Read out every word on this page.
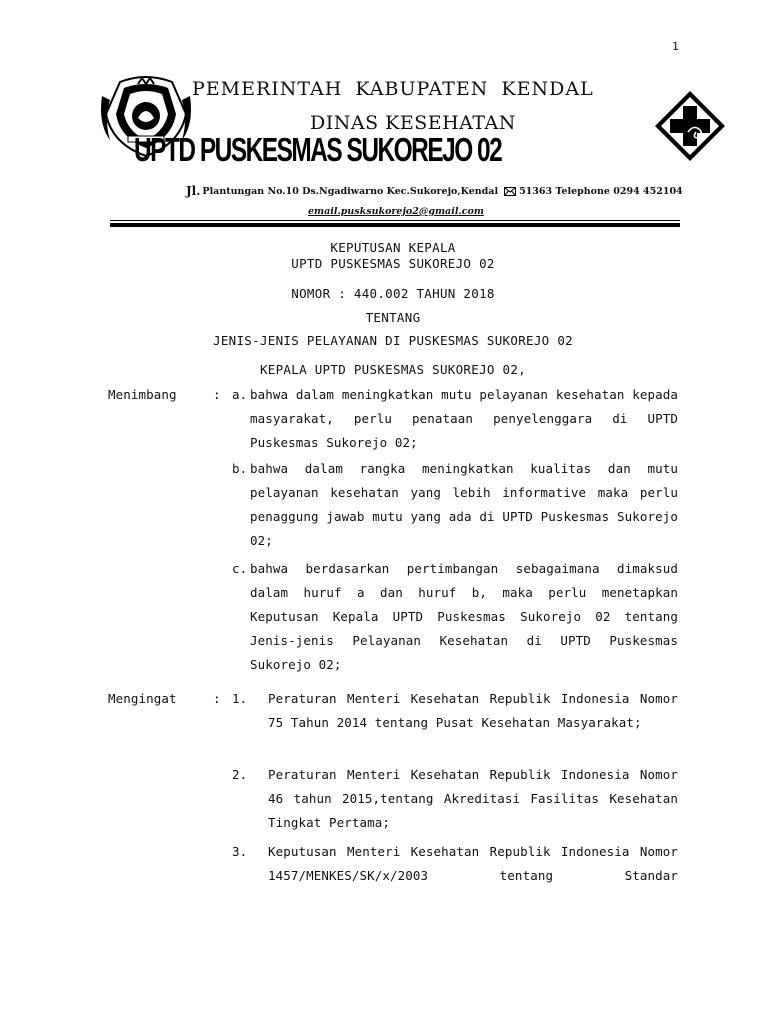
1
PEMERINTAH KABUPATEN KENDAL
DINAS KESEHATAN
UPTD PUSKESMAS SUKOREJO 02
Jl. Plantungan No.10 Ds.Ngadiwarno Kec.Sukorejo,Kendal 51363 Telephone 0294 452104
email.pusksukorejo2@gmail.com
KEPUTUSAN KEPALA
UPTD PUSKESMAS SUKOREJO 02
NOMOR : 440.002 TAHUN 2018
TENTANG
JENIS-JENIS PELAYANAN DI PUSKESMAS SUKOREJO 02
KEPALA UPTD PUSKESMAS SUKOREJO 02,
Menimbang	: a. bahwa dalam meningkatkan mutu pelayanan kesehatan kepada masyarakat, perlu penataan penyelenggara di UPTD Puskesmas Sukorejo 02;
b. bahwa dalam rangka meningkatkan kualitas dan mutu pelayanan kesehatan yang lebih informative maka perlu penaggung jawab mutu yang ada di UPTD Puskesmas Sukorejo 02;
c. bahwa berdasarkan pertimbangan sebagaimana dimaksud dalam huruf a dan huruf b, maka perlu menetapkan Keputusan Kepala UPTD Puskesmas Sukorejo 02 tentang Jenis-jenis Pelayanan Kesehatan di UPTD Puskesmas Sukorejo 02;
Mengingat	: 1. Peraturan Menteri Kesehatan Republik Indonesia Nomor 75 Tahun 2014 tentang Pusat Kesehatan Masyarakat;
2. Peraturan Menteri Kesehatan Republik Indonesia Nomor 46 tahun 2015,tentang Akreditasi Fasilitas Kesehatan Tingkat Pertama;
3. Keputusan Menteri Kesehatan Republik Indonesia Nomor 1457/MENKES/SK/x/2003 tentang Standar
